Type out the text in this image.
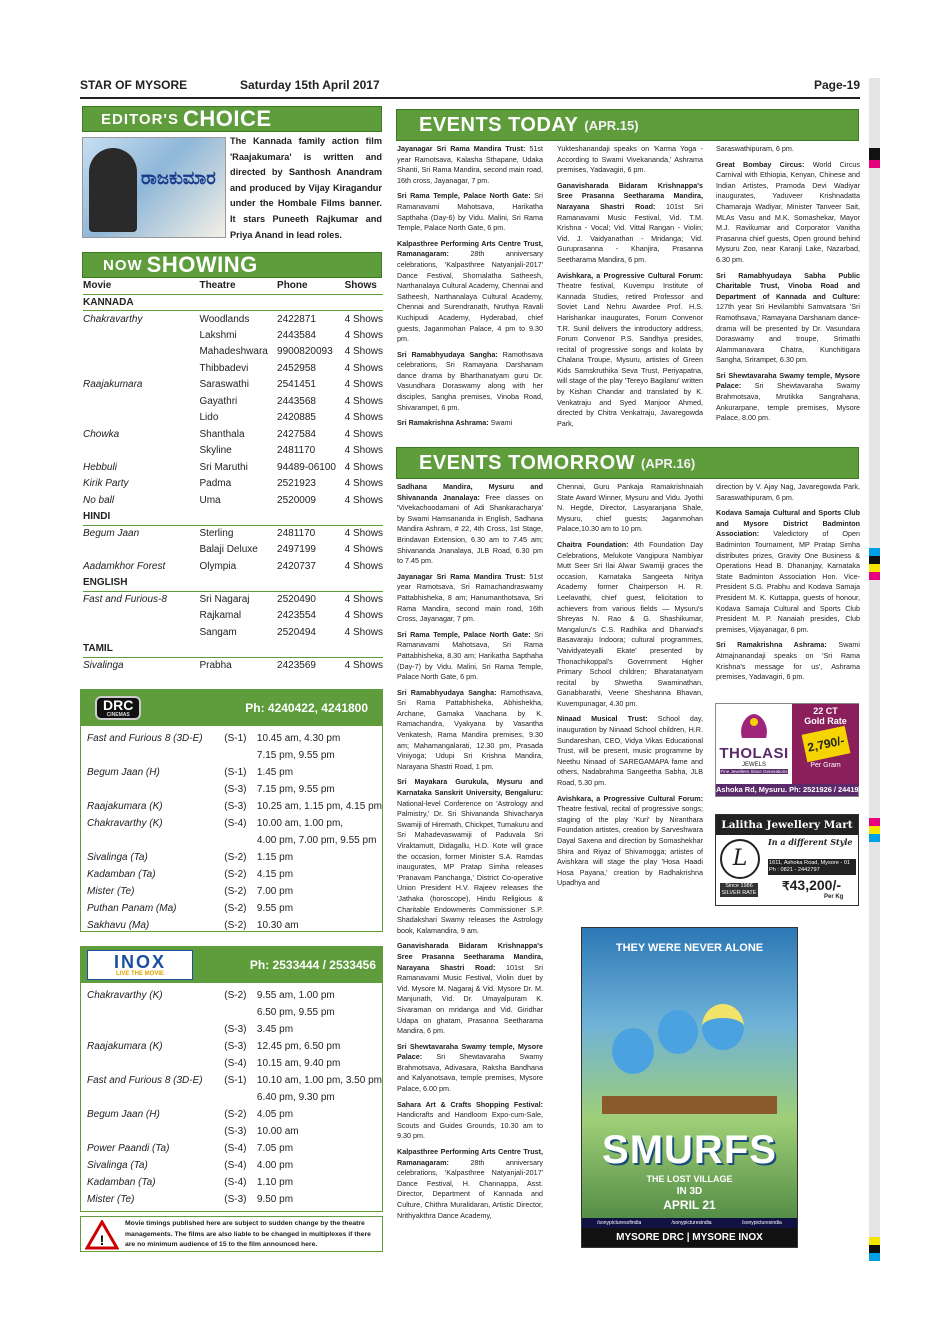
STAR OF MYSORE	Saturday 15th April 2017	Page-19
EDITOR'S CHOICE
ರಾಜಕುಮಾರ
The Kannada family action film 'Raajakumara' is written and directed by Santhosh Anandram and produced by Vijay Kiragandur under the Hombale Films banner. It stars Puneeth Rajkumar and Priya Anand in lead roles.
NOW SHOWING
Movie	Theatre	Phone	Shows
KANNADA			
Chakravarthy	Woodlands	2422871	4 Shows
	Lakshmi	2443584	4 Shows
	Mahadeshwara	9900820093	4 Shows
	Thibbadevi	2452958	4 Shows
Raajakumara	Saraswathi	2541451	4 Shows
	Gayathri	2443568	4 Shows
	Lido	2420885	4 Shows
Chowka	Shanthala	2427584	4 Shows
	Skyline	2481170	4 Shows
Hebbuli	Sri Maruthi	94489-06100	4 Shows
Kirik Party	Padma	2521923	4 Shows
No ball	Uma	2520009	4 Shows
HINDI			
Begum Jaan	Sterling	2481170	4 Shows
	Balaji Deluxe	2497199	4 Shows
Aadamkhor Forest	Olympia	2420737	4 Shows
ENGLISH			
Fast and Furious-8	Sri Nagaraj	2520490	4 Shows
	Rajkamal	2423554	4 Shows
	Sangam	2520494	4 Shows
TAMIL			
Sivalinga	Prabha	2423569	4 Shows
DRC
CINEMAS	Ph: 4240422, 4241800
Fast and Furious 8 (3D-E)	(S-1)	10.45 am, 4.30 pm
		7.15 pm, 9.55 pm
Begum Jaan (H)	(S-1)	1.45 pm
	(S-3)	7.15 pm, 9.55 pm
Raajakumara (K)	(S-3)	10.25 am, 1.15 pm, 4.15 pm
Chakravarthy (K)	(S-4)	10.00 am, 1.00 pm,
		4.00 pm, 7.00 pm, 9.55 pm
Sivalinga (Ta)	(S-2)	1.15 pm
Kadamban (Ta)	(S-2)	4.15 pm
Mister (Te)	(S-2)	7.00 pm
Puthan Panam (Ma)	(S-2)	9.55 pm
Sakhavu (Ma)	(S-2)	10.30 am
INOX
LIVE THE MOVIE
Ph: 2533444 / 2533456
Chakravarthy (K)	(S-2)	9.55 am, 1.00 pm
		6.50 pm, 9.55 pm
	(S-3)	3.45 pm
Raajakumara (K)	(S-3)	12.45 pm, 6.50 pm
	(S-4)	10.15 am, 9.40 pm
Fast and Furious 8 (3D-E)	(S-1)	10.10 am, 1.00 pm, 3.50 pm
		6.40 pm, 9.30 pm
Begum Jaan (H)	(S-2)	4.05 pm
	(S-3)	10.00 am
Power Paandi (Ta)	(S-4)	7.05 pm
Sivalinga (Ta)	(S-4)	4.00 pm
Kadamban (Ta)	(S-4)	1.10 pm
Mister (Te)	(S-3)	9.50 pm
!
Movie timings published here are subject to sudden change by the theatre managements. The films are also liable to be changed in multiplexes if there are no minimum audience of 15 to the film announced here.
EVENTS TODAY (APR.15)

Jayanagar Sri Rama Mandira Trust: 51st year Ramotsava, Kalasha Sthapane, Udaka Shanti, Sri Rama Mandira, second main road, 16th cross, Jayanagar, 7 pm.

Sri Rama Temple, Palace North Gate: Sri Ramanavami Mahotsava, Harikatha Sapthaha (Day-6) by Vidu. Malini, Sri Rama Temple, Palace North Gate, 6 pm.

Kalpasthree Performing Arts Centre Trust, Ramanagaram: 28th anniversary celebrations, 'Kalpasthree Natyanjali-2017' Dance Festival, Shornalatha Satheesh, Narthanalaya Cultural Academy, Chennai and Satheesh, Narthanalaya Cultural Academy, Chennai and Surendranath, Nruthya Ravali Kuchipudi Academy, Hyderabad, chief guests, Jaganmohan Palace, 4 pm to 9.30 pm.

Sri Ramabhyudaya Sangha: Ramothsava celebrations, Sri Ramayana Darshanam dance drama by Bharthanatyam guru Dr. Vasundhara Doraswamy along with her disciples, Sangha premises, Vinoba Road, Shivarampet, 6 pm.

Sri Ramakrishna Ashrama: Swami

Yukteshanandaji speaks on 'Karma Yoga - According to Swami Vivekananda,' Ashrama premises, Yadavagiri, 6 pm.

Ganavisharada Bidaram Krishnappa's Sree Prasanna Seetharama Mandira, Narayana Shastri Road: 101st Sri Ramanavami Music Festival, Vid. T.M. Krishna - Vocal; Vid. Vittal Rangan - Violin; Vid. J. Vaidyanathan - Mridanga; Vid. Guruprasanna - Khanjira, Prasanna Seetharama Mandira, 6 pm.

Avishkara, a Progressive Cultural Forum: Theatre festival, Kuvempu Institute of Kannada Studies, retired Professor and Soviet Land Nehru Awardee Prof. H.S. Harishankar inaugurates, Forum Convenor T.R. Sunil delivers the introductory address, Forum Convenor P.S. Sandhya presides, recital of progressive songs and kolata by Chalana Troupe, Mysuru, artistes of Green Kids Samskruthika Seva Trust, Periyapatna, will stage of the play 'Tereyo Bagilanu' written by Kishan Chandar and translated by K. Venkatraju and Syed Manjoor Ahmed, directed by Chitra Venkatraju, Javaregowda Park,

Saraswathipuram, 6 pm.

Great Bombay Circus: World Circus Carnival with Ethiopia, Kenyan, Chinese and Indian Artistes, Pramoda Devi Wadiyar inaugurates, Yaduveer Krishnadatta Chamaraja Wadiyar, Minister Tanveer Sait, MLAs Vasu and M.K. Somashekar, Mayor M.J. Ravikumar and Corporator Vanitha Prasanna chief guests, Open ground behind Mysuru Zoo, near Karanji Lake, Nazarbad, 6.30 pm.

Sri Ramabhyudaya Sabha Public Charitable Trust, Vinoba Road and Department of Kannada and Culture: 127th year Sri Hevilambhi Samvatsara 'Sri Ramothsava,' Ramayana Darshanam dance-drama will be presented by Dr. Vasundara Doraswamy and troupe, Srimathi Alammanavara Chatra, Kunchitigara Sangha, Srirampet, 6.30 pm.

Sri Shewtavaraha Swamy temple, Mysore Palace: Sri Shewtavaraha Swamy Brahmotsava, Mrutikka Sangrahana, Ankurarpane, temple premises, Mysore Palace, 8.00 pm.

EVENTS TOMORROW (APR.16)

Sadhana Mandira, Mysuru and Shivananda Jnanalaya: Free classes on 'Vivekachoodamani of Adi Shankaracharya' by Swami Hamsananda in English, Sadhana Mandira Ashram, # 22, 4th Cross, 1st Stage, Brindavan Extension, 6.30 am to 7.45 am; Shivananda Jnanalaya, JLB Road, 6.30 pm to 7.45 pm.

Jayanagar Sri Rama Mandira Trust: 51st year Ramotsava, Sri Ramachandraswamy Pattabhisheka, 8 am; Hanumanthotsava, Sri Rama Mandira, second main road, 16th Cross, Jayanagar, 7 pm.

Sri Rama Temple, Palace North Gate: Sri Ramanavami Mahotsava, Sri Rama Pattabhisheka, 8.30 am; Harikatha Sapthaha (Day-7) by Vidu. Malini, Sri Rama Temple, Palace North Gate, 6 pm.

Sri Ramabhyudaya Sangha: Ramothsava, Sri Rama Pattabhisheka, Abhishekha, Archane, Gamaka Vaachana by K. Ramachandra, Vyakyana by Vasantha Venkatesh, Rama Mandira premises, 9.30 am; Mahamangalarati, 12.30 pm, Prasada Viniyoga; Udupi Sri Krishna Mandira, Narayana Shastri Road, 1 pm.

Sri Mayakara Gurukula, Mysuru and Karnataka Sanskrit University, Bengaluru: National-level Conference on 'Astrology and Palmistry,' Dr. Sri Shivananda Shivacharya Swamiji of Hiremath, Chickpet, Tumakuru and Sri Mahadevaswamiji of Paduvala Sri Viraktamutt, Didagallu, H.D. Kote will grace the occasion, former Minister S.A. Ramdas inaugurates, MP Pratap Simha releases 'Pranavam Panchanga,' District Co-operative Union President H.V. Rajeev releases the 'Jathaka (horoscope), Hindu Religious & Charitable Endowments Commissioner S.P. Shadakshari Swamy releases the Astrology book, Kalamandira, 9 am.

Ganavisharada Bidaram Krishnappa's Sree Prasanna Seetharama Mandira, Narayana Shastri Road: 101st Sri Ramanavami Music Festival, Violin duet by Vid. Mysore M. Nagaraj & Vid. Mysore Dr. M. Manjunath, Vid. Dr. Umayalpuram K. Sivaraman on mridanga and Vid. Giridhar Udapa on ghatam, Prasanna Seetharama Mandira, 6 pm.

Sri Shewtavaraha Swamy temple, Mysore Palace: Sri Shewtavaraha Swamy Brahmotsava, Adivasara, Raksha Bandhana and Kalyanotsava, temple premises, Mysore Palace, 6.00 pm.

Sahara Art & Crafts Shopping Festival: Handicrafts and Handloom Expo-cum-Sale, Scouts and Guides Grounds, 10.30 am to 9.30 pm.

Kalpasthree Performing Arts Centre Trust, Ramanagaram: 28th anniversary celebrations, 'Kalpasthree Natyanjali-2017' Dance Festival, H. Channappa, Asst. Director, Department of Kannada and Culture, Chithra Muralidaran, Artistic Director, Nrithyakthra Dance Academy,

Chennai, Guru Pankaja Ramakrishnaiah State Award Winner, Mysuru and Vidu. Jyothi N. Hegde, Director, Lasyaranjana Shale, Mysuru, chief guests; Jaganmohan Palace,10.30 am to 10 pm.

Chaitra Foundation: 4th Foundation Day Celebrations, Melukote Vangipura Nambiyar Mutt Seer Sri Ilai Alwar Swamiji graces the occasion, Karnataka Sangeeta Nritya Academy former Chairperson H. R. Leelavathi, chief guest, felicitation to achievers from various fields — Mysuru's Shreyas N. Rao & G. Shashikumar, Mangaluru's C.S. Radhika and Dharwad's Basavaraju Indoora; cultural programmes, 'Vaividyateyalli Ekate' presented by Thonachikoppal's Government Higher Primary School children; Bharatanatyam recital by Shwetha Swaminathan, Ganabharathi, Veene Sheshanna Bhavan, Kuvempunagar, 4.30 pm.

Ninaad Musical Trust: School day, inauguration by Ninaad School children, H.R. Sundareshan, CEO, Vidya Vikas Educational Trust, will be present, music programme by Neethu Ninaad of SAREGAMAPA fame and others, Nadabrahma Sangeetha Sabha, JLB Road, 5.30 pm.

Avishkara, a Progressive Cultural Forum: Theatre festival, recital of progressive songs; staging of the play 'Kuri' by Niranthara Foundation artistes, creation by Sarveshwara Dayal Saxena and direction by Somashekhar Shira and Riyaz of Shivamogga; artistes of Avishkara will stage the play 'Hosa Haadi Hosa Payana,' creation by Radhakrishna Upadhya and

direction by V. Ajay Nag, Javaregowda Park, Saraswathipuram, 6 pm.

Kodava Samaja Cultural and Sports Club and Mysore District Badminton Association: Valedictory of Open Badminton Tournament, MP Pratap Simha distributes prizes, Gravity One Business & Operations Head B. Dhananjay, Karnataka State Badminton Association Hon. Vice-President S.G. Prabhu and Kodava Samaja President M. K. Kuttappa, guests of honour, Kodava Samaja Cultural and Sports Club President M. P. Nanaiah presides, Club premises, Vijayanagar, 6 pm.

Sri Ramakrishna Ashrama: Swami Atmajnanandaji speaks on 'Sri Rama Krishna's message for us', Ashrama premises, Yadavagiri, 6 pm.

THOLASI
JEWELS
Fine Jewellers Since Generations
22 CT
Gold Rate
2,790/-
Per Gram
Ashoka Rd, Mysuru. Ph: 2521926 / 2441926
Lalitha Jewellery Mart
L
In a different Style
1611, Ashoka Road, Mysore - 01
Ph : 0821 - 2442797
Since 1986
SILVER RATE ₹43,200/-
Per Kg
THEY WERE NEVER ALONE
SMURFS
THE LOST VILLAGE
IN 3D
APRIL 21
/sonypicturesofindia	/sonypicturesindia	/sonypicturesindia
MYSORE DRC | MYSORE INOX
